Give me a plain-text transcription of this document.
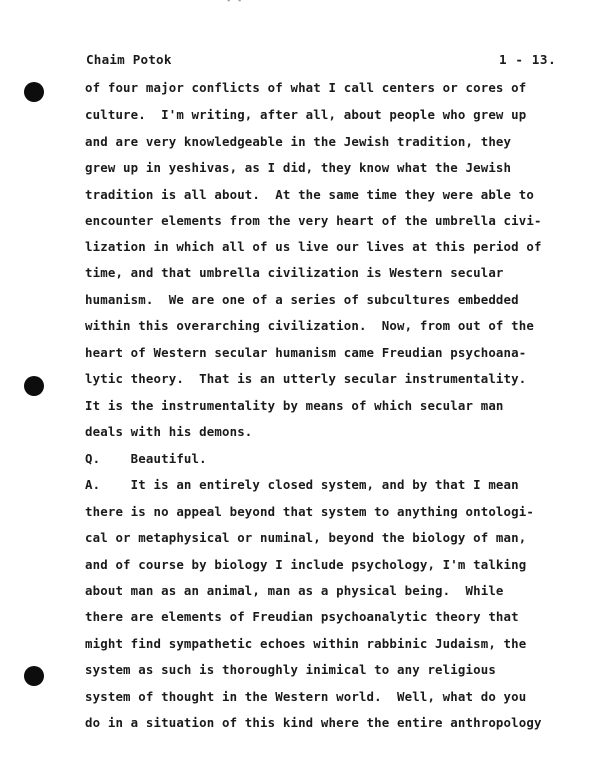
- -
Chaim Potok	1 - 13.
of four major conflicts of what I call centers or cores of
culture.  I'm writing, after all, about people who grew up
and are very knowledgeable in the Jewish tradition, they
grew up in yeshivas, as I did, they know what the Jewish
tradition is all about.  At the same time they were able to
encounter elements from the very heart of the umbrella civi-
lization in which all of us live our lives at this period of
time, and that umbrella civilization is Western secular
humanism.  We are one of a series of subcultures embedded
within this overarching civilization.  Now, from out of the
heart of Western secular humanism came Freudian psychoana-
lytic theory.  That is an utterly secular instrumentality.
It is the instrumentality by means of which secular man
deals with his demons.
Q.    Beautiful.
A.    It is an entirely closed system, and by that I mean
there is no appeal beyond that system to anything ontologi-
cal or metaphysical or numinal, beyond the biology of man,
and of course by biology I include psychology, I'm talking
about man as an animal, man as a physical being.  While
there are elements of Freudian psychoanalytic theory that
might find sympathetic echoes within rabbinic Judaism, the
system as such is thoroughly inimical to any religious
system of thought in the Western world.  Well, what do you
do in a situation of this kind where the entire anthropology
